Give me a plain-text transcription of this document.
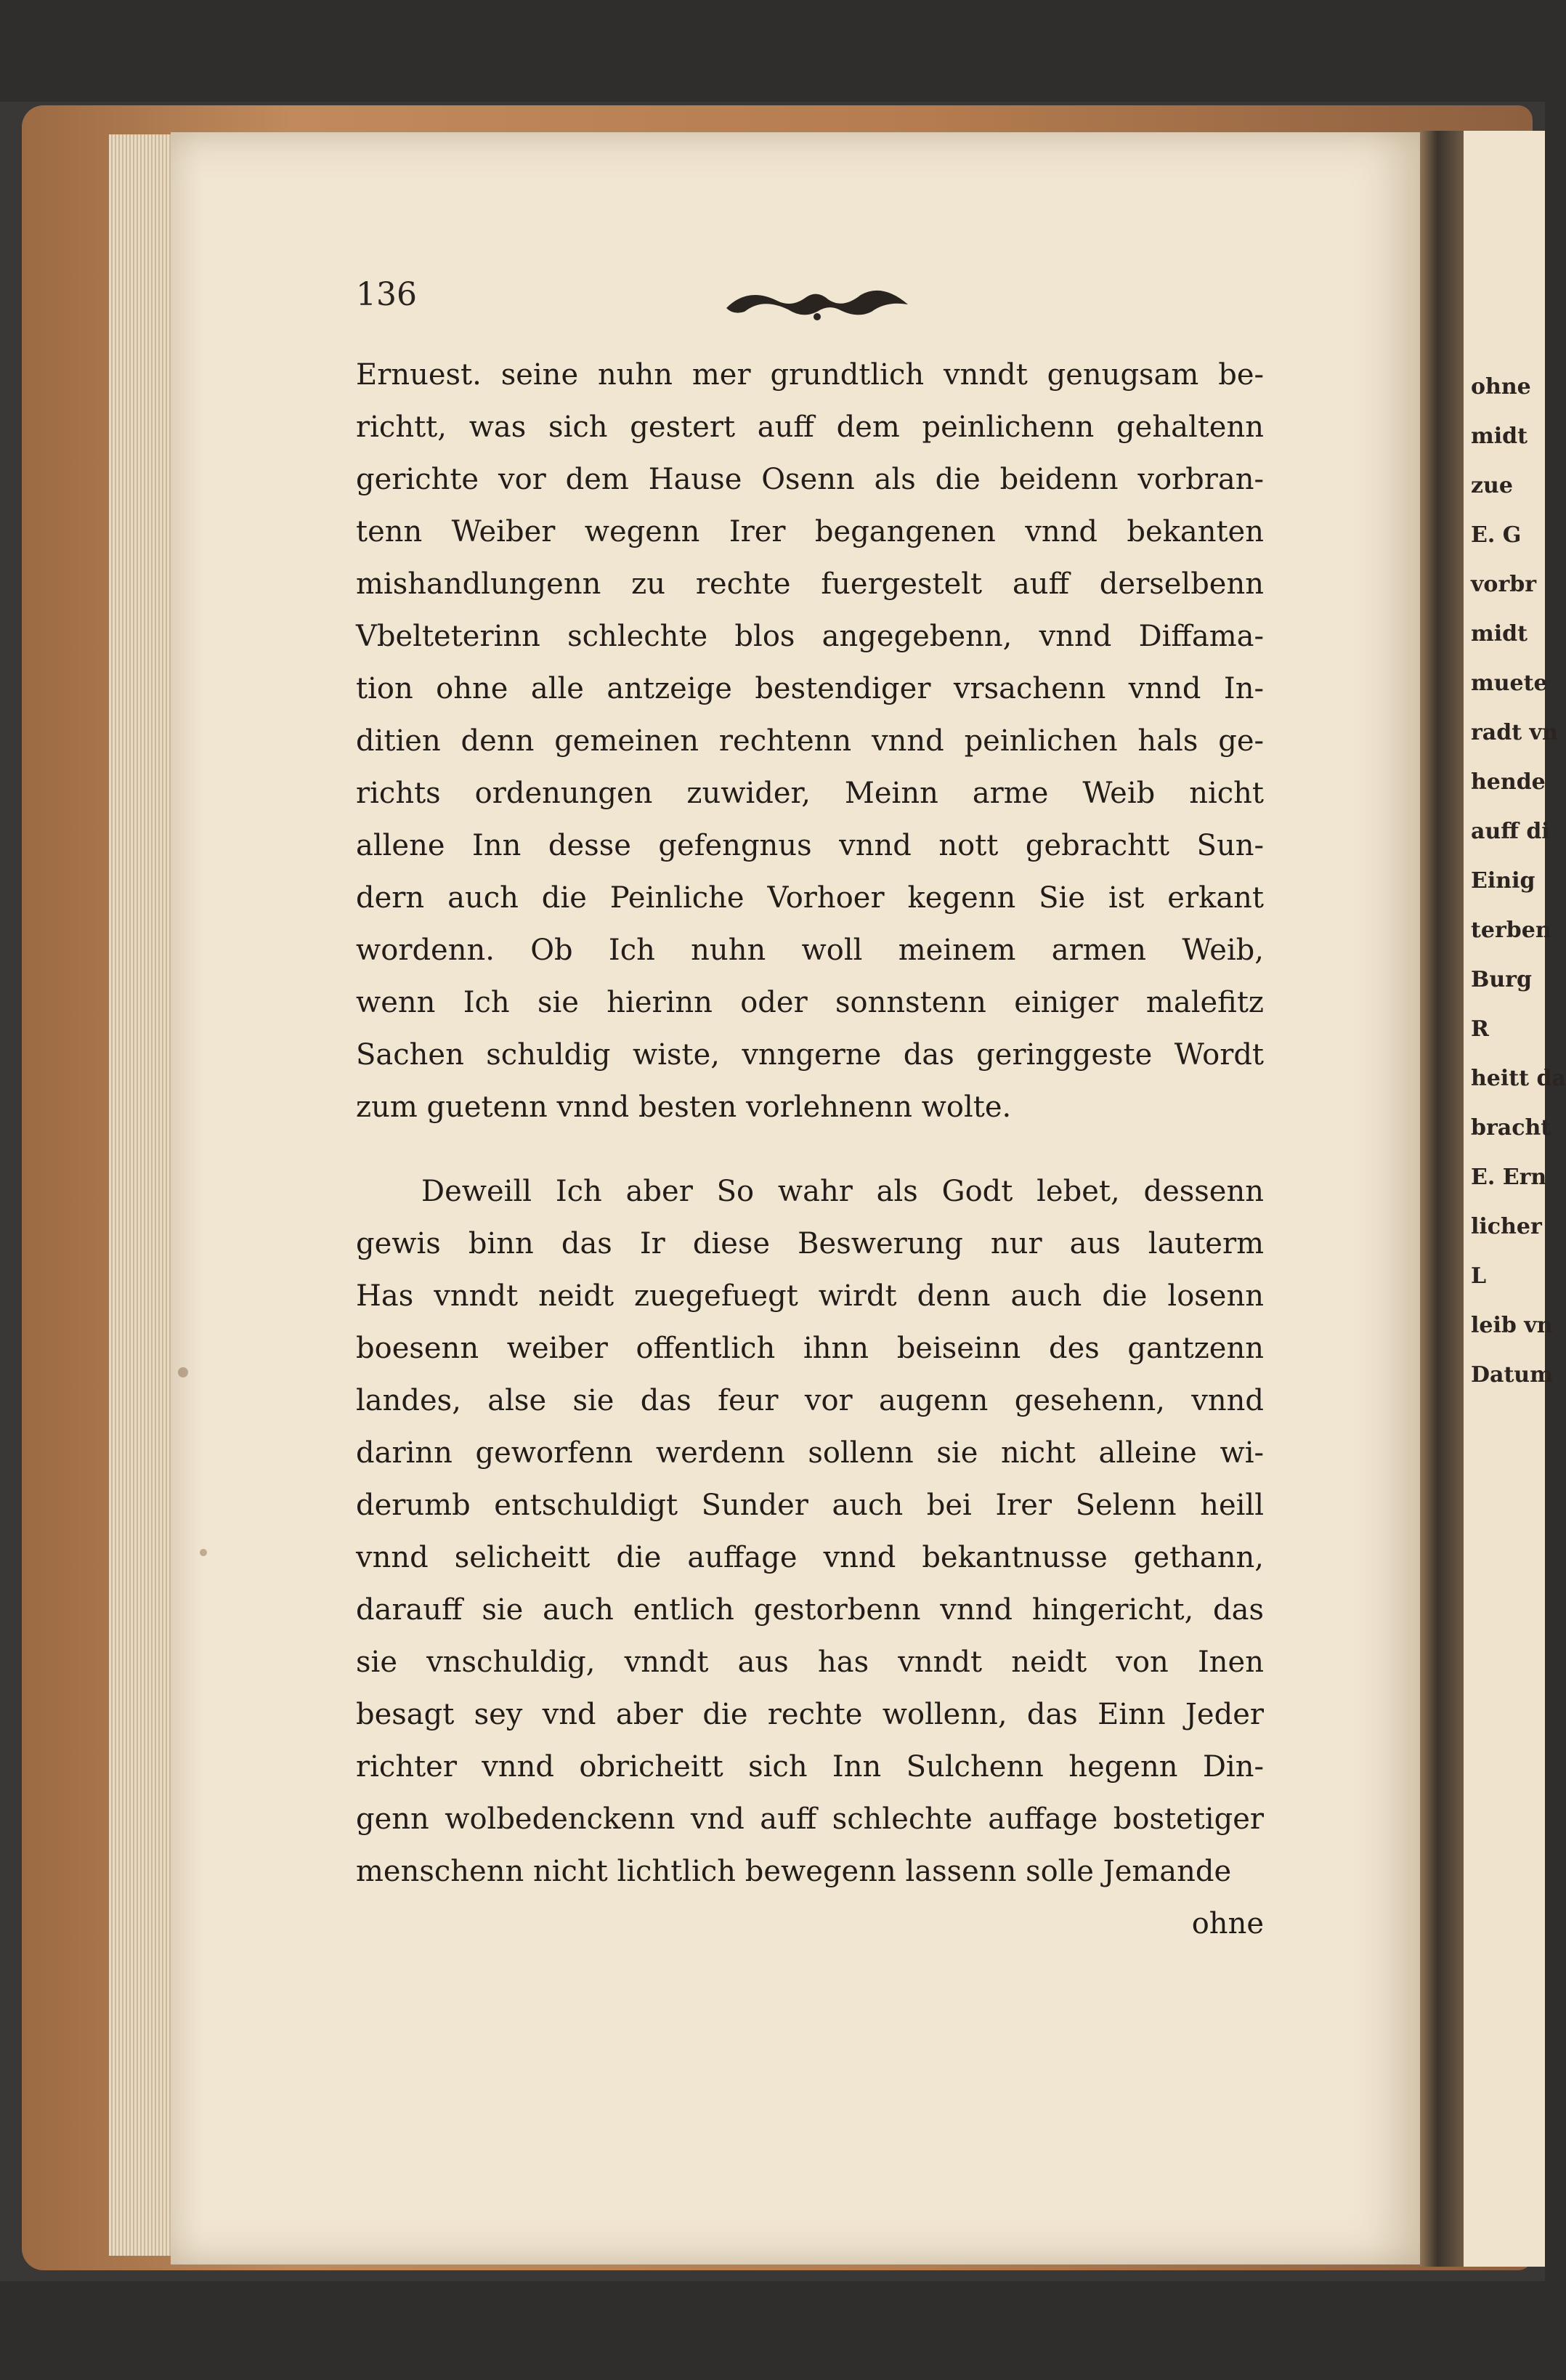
ohne
midt
zue
E. G
vorbr
midt
muete
radt vn
hende
auff di
Einig
terben
Burg
R
heitt da
bracht
E. Ern
licher
L
leib vn
Datum
136
Ernuest. seine nuhn mer grundtlich vnndt genugsam be‑
richtt, was sich gestert auff dem peinlichenn gehaltenn
gerichte vor dem Hause Osenn als die beidenn vorbran‑
tenn Weiber wegenn Irer begangenen vnnd bekanten
mishandlungenn zu rechte fuergestelt auff derselbenn
Vbelteterinn schlechte blos angegebenn, vnnd Diffama‑
tion ohne alle antzeige bestendiger vrsachenn vnnd In‑
ditien denn gemeinen rechtenn vnnd peinlichen hals ge‑
richts ordenungen zuwider, Meinn arme Weib nicht
allene Inn desse gefengnus vnnd nott gebrachtt Sun‑
dern auch die Peinliche Vorhoer kegenn Sie ist erkant
wordenn. Ob Ich nuhn woll meinem armen Weib,
wenn Ich sie hierinn oder sonnstenn einiger malefitz
Sachen schuldig wiste, vnngerne das geringgeste Wordt
zum guetenn vnnd besten vorlehnenn wolte.
Deweill Ich aber So wahr als Godt lebet, dessenn
gewis binn das Ir diese Beswerung nur aus lauterm
Has vnndt neidt zuegefuegt wirdt denn auch die losenn
boesenn weiber offentlich ihnn beiseinn des gantzenn
landes, alse sie das feur vor augenn gesehenn, vnnd
darinn geworfenn werdenn sollenn sie nicht alleine wi‑
derumb entschuldigt Sunder auch bei Irer Selenn heill
vnnd selicheitt die auffage vnnd bekantnusse gethann,
darauff sie auch entlich gestorbenn vnnd hingericht, das
sie vnschuldig, vnndt aus has vnndt neidt von Inen
besagt sey vnd aber die rechte wollenn, das Einn Jeder
richter vnnd obricheitt sich Inn Sulchenn hegenn Din‑
genn wolbedenckenn vnd auff schlechte auffage bostetiger
menschenn nicht lichtlich bewegenn lassenn solle Jemande
ohne
